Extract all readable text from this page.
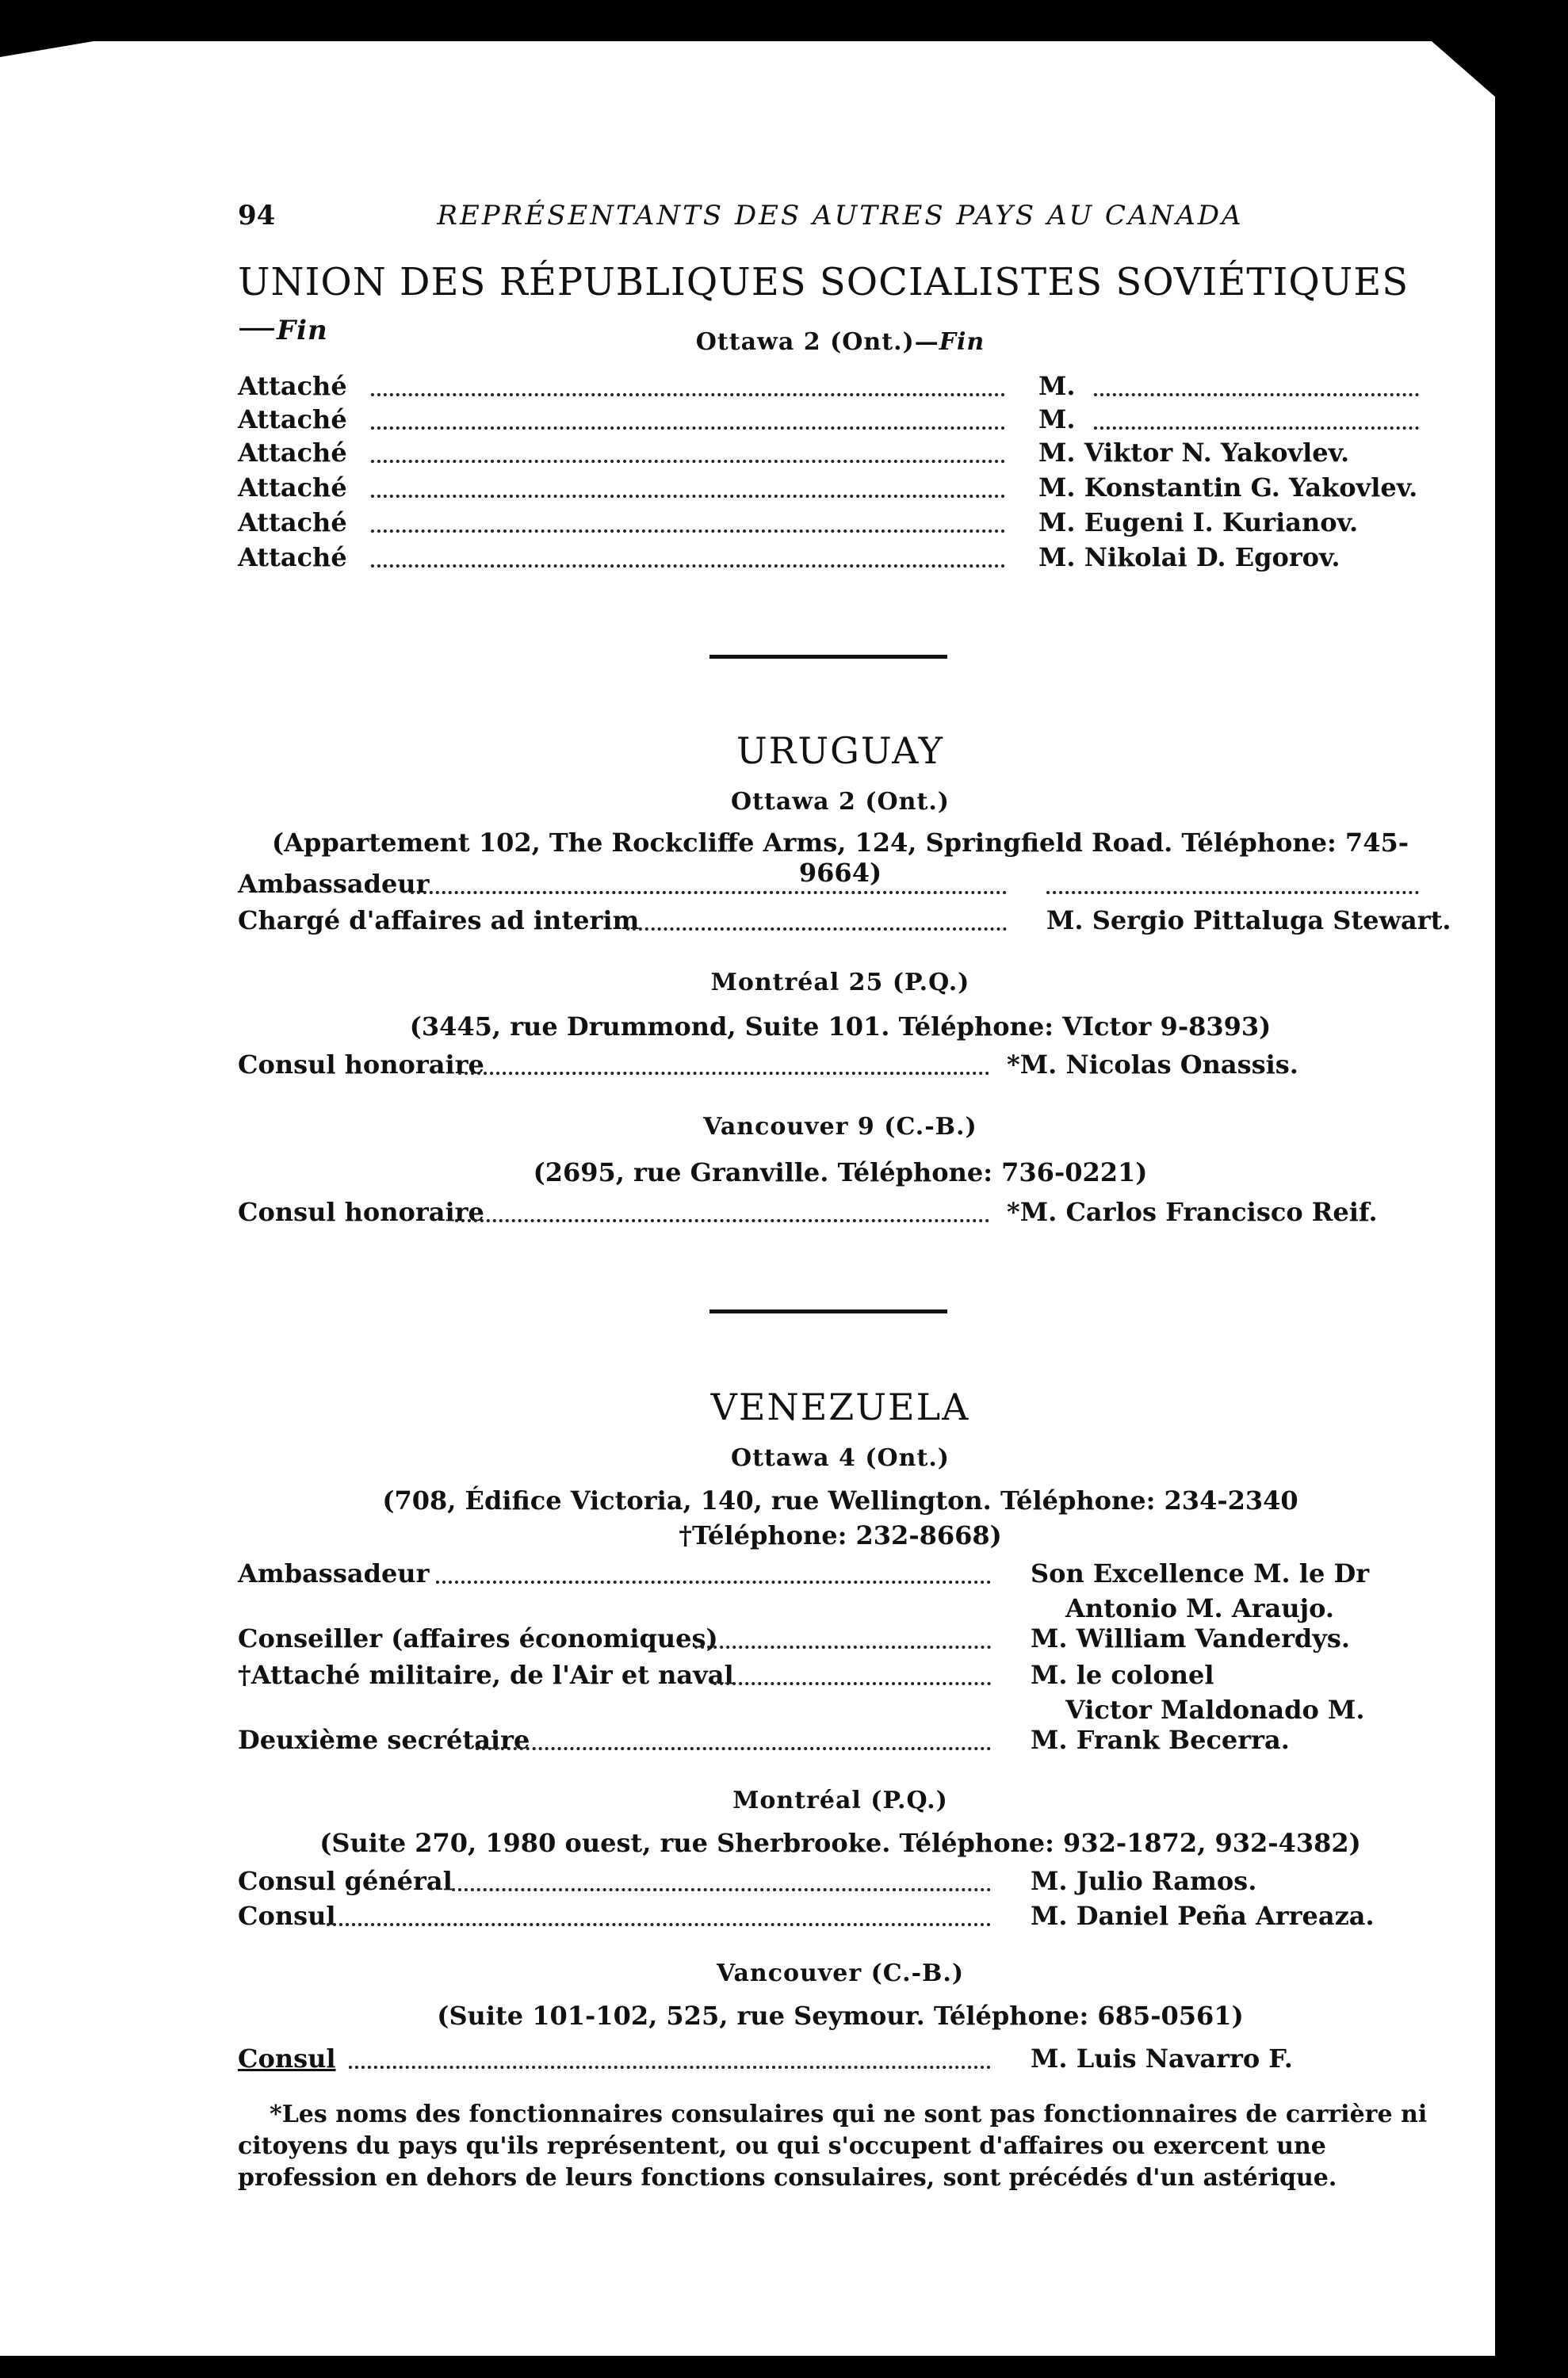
94	REPRÉSENTANTS DES AUTRES PAYS AU CANADA
UNION DES RÉPUBLIQUES SOCIALISTES SOVIÉTIQUES—Fin	Ottawa 2 (Ont.)—Fin
Attaché	M.
Attaché	M.
Attaché	M. Viktor N. Yakovlev.
Attaché	M. Konstantin G. Yakovlev.
Attaché	M. Eugeni I. Kurianov.
Attaché	M. Nikolai D. Egorov.
URUGUAY
Ottawa 2 (Ont.)
(Appartement 102, The Rockcliffe Arms, 124, Springfield Road. Téléphone: 745-9664)
Ambassadeur
Chargé d'affaires ad interim	M. Sergio Pittaluga Stewart.
Montréal 25 (P.Q.)
(3445, rue Drummond, Suite 101. Téléphone: VIctor 9-8393)
Consul honoraire	*M. Nicolas Onassis.
Vancouver 9 (C.-B.)
(2695, rue Granville. Téléphone: 736-0221)
Consul honoraire	*M. Carlos Francisco Reif.
VENEZUELA
Ottawa 4 (Ont.)
(708, Édifice Victoria, 140, rue Wellington. Téléphone: 234-2340
†Téléphone: 232-8668)
Ambassadeur	Son Excellence M. le Dr
Antonio M. Araujo.
Conseiller (affaires économiques)	M. William Vanderdys.
†Attaché militaire, de l'Air et naval	M. le colonel
Victor Maldonado M.
Deuxième secrétaire	M. Frank Becerra.
Montréal (P.Q.)
(Suite 270, 1980 ouest, rue Sherbrooke. Téléphone: 932-1872, 932-4382)
Consul général	M. Julio Ramos.
Consul	M. Daniel Peña Arreaza.
Vancouver (C.-B.)
(Suite 101-102, 525, rue Seymour. Téléphone: 685-0561)
Consul	M. Luis Navarro F.
*Les noms des fonctionnaires consulaires qui ne sont pas fonctionnaires de carrière ni citoyens du pays qu'ils représentent, ou qui s'occupent d'affaires ou exercent une profession en dehors de leurs fonctions consulaires, sont précédés d'un astérique.
